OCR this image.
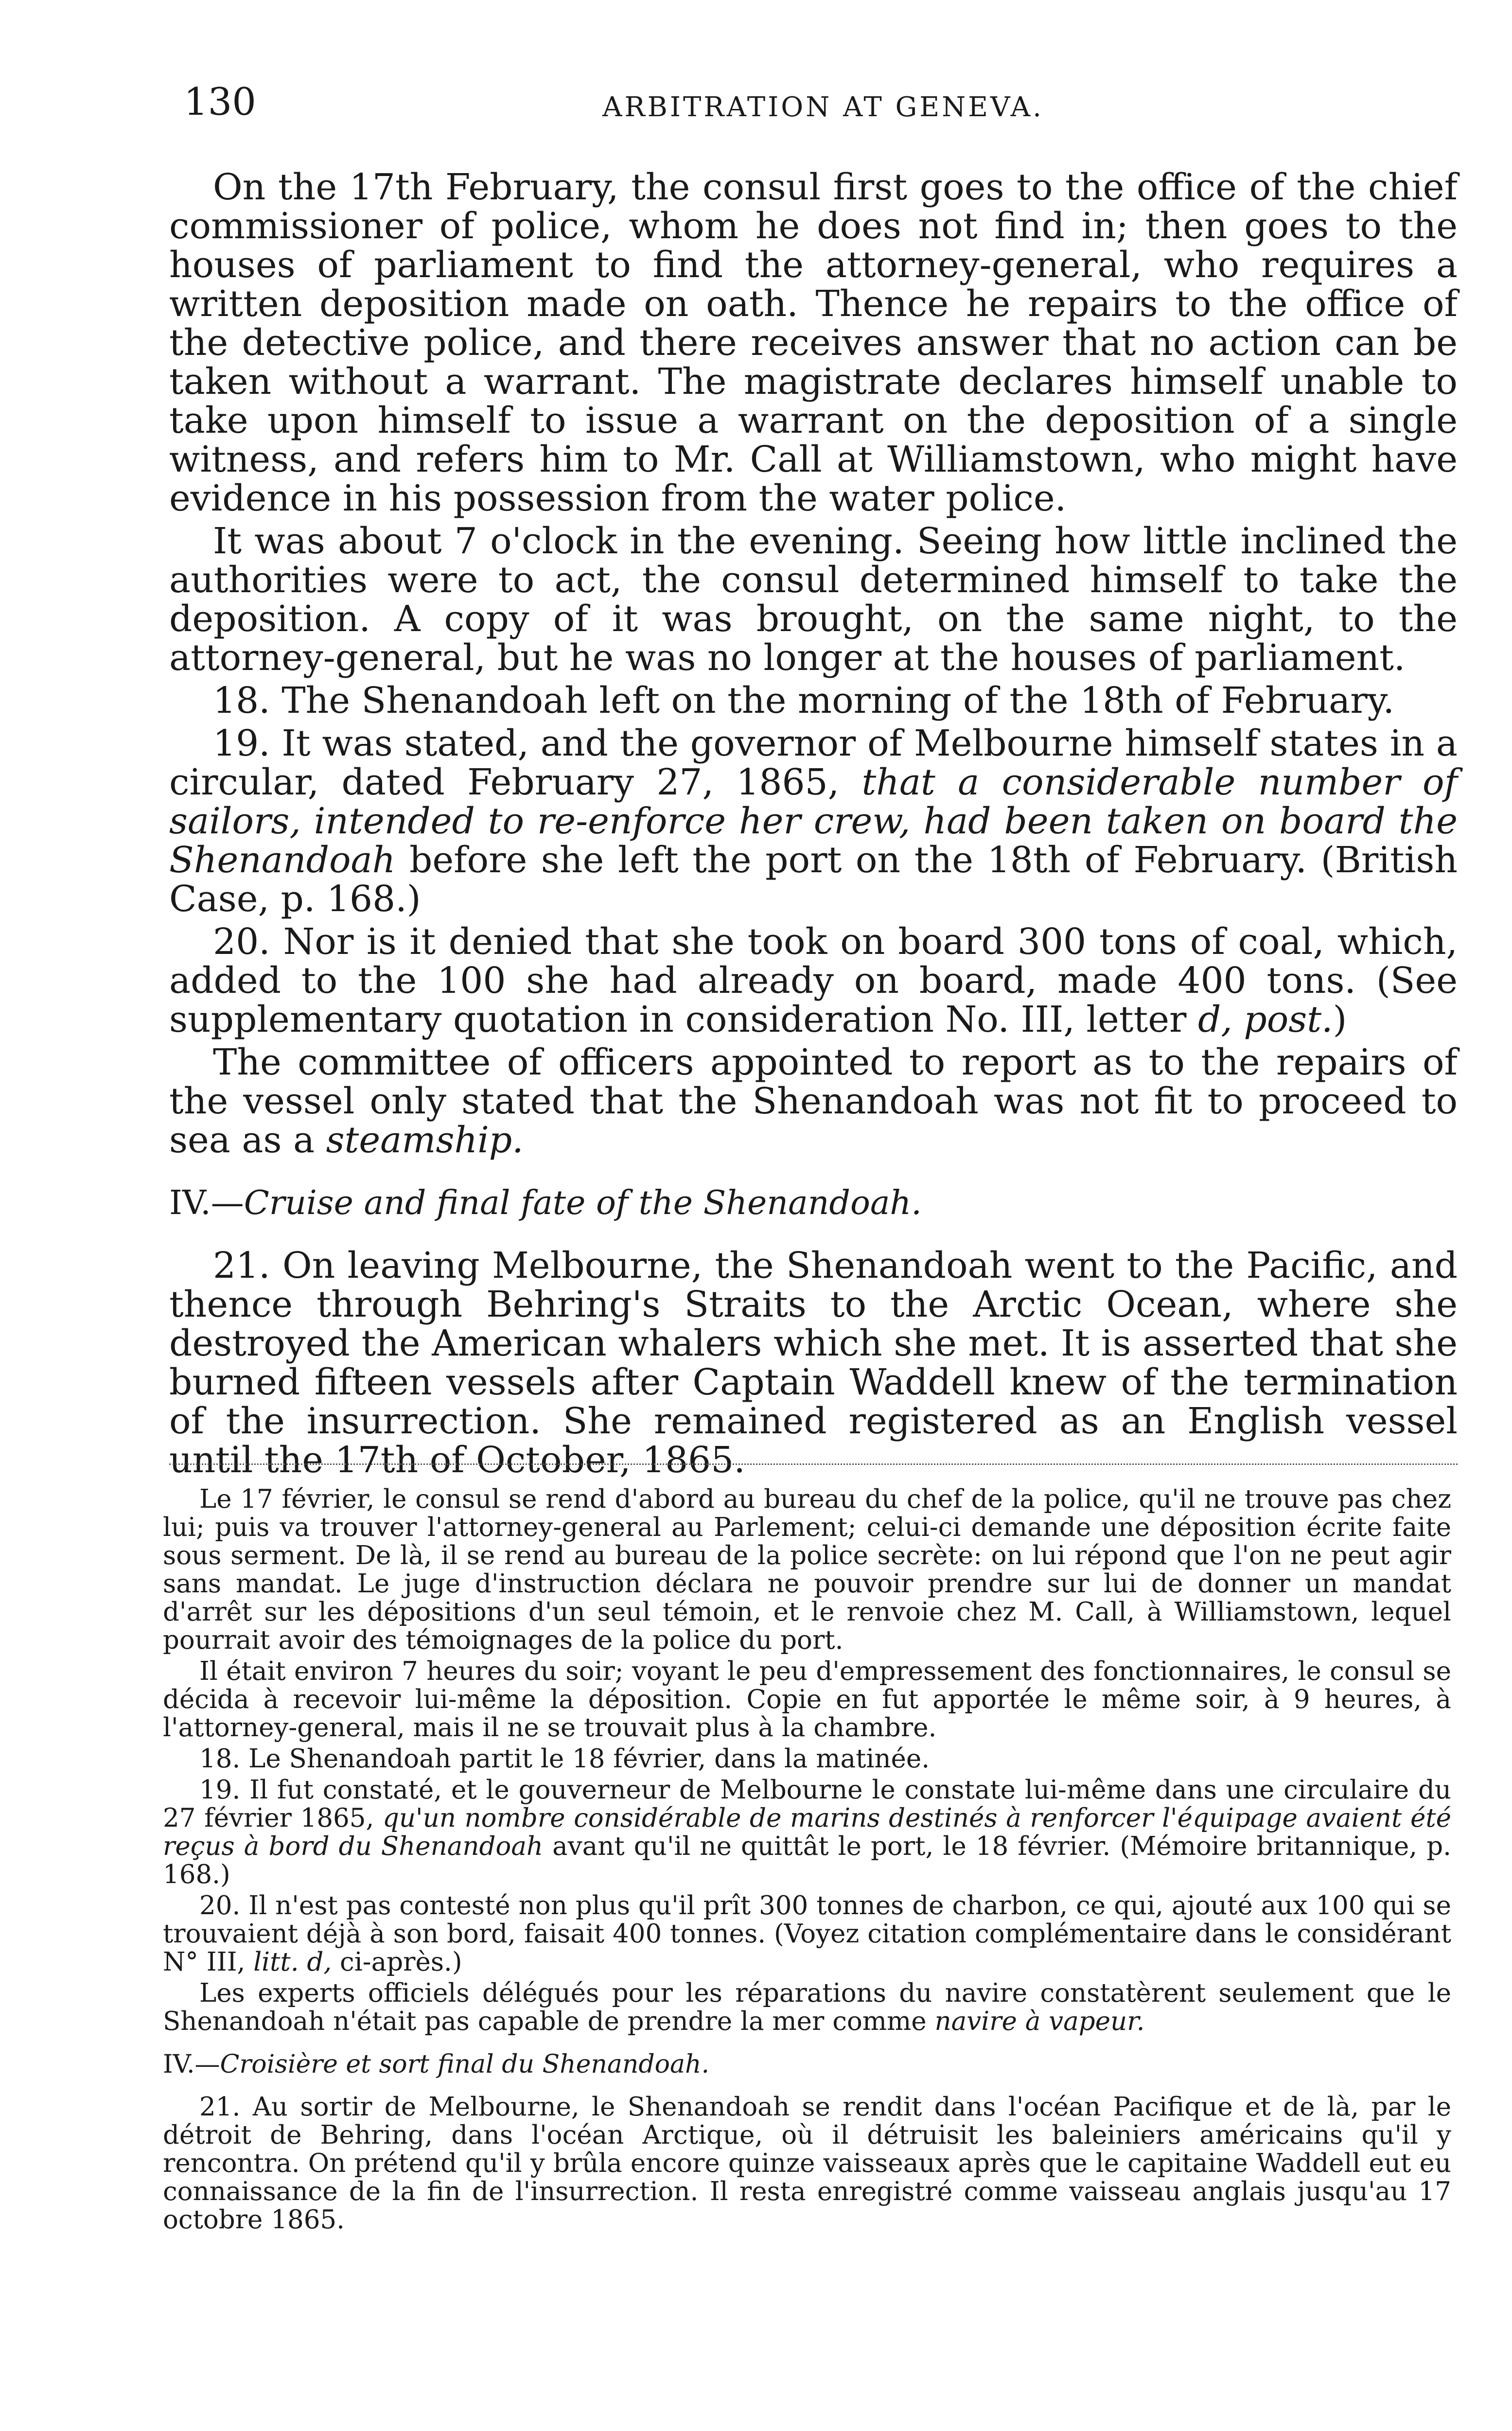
130	ARBITRATION AT GENEVA.

On the 17th February, the consul first goes to the office of the chief commissioner of police, whom he does not find in; then goes to the houses of parliament to find the attorney-general, who requires a written deposition made on oath. Thence he repairs to the office of the detective police, and there receives answer that no action can be taken without a warrant. The magistrate declares himself unable to take upon himself to issue a warrant on the deposition of a single witness, and refers him to Mr. Call at Williamstown, who might have evidence in his possession from the water police.

It was about 7 o'clock in the evening. Seeing how little inclined the authorities were to act, the consul determined himself to take the deposition. A copy of it was brought, on the same night, to the attorney-general, but he was no longer at the houses of parliament.

18. The Shenandoah left on the morning of the 18th of February.

19. It was stated, and the governor of Melbourne himself states in a circular, dated February 27, 1865, that a considerable number of sailors, intended to re-enforce her crew, had been taken on board the Shenandoah before she left the port on the 18th of February. (British Case, p. 168.)

20. Nor is it denied that she took on board 300 tons of coal, which, added to the 100 she had already on board, made 400 tons. (See supplementary quotation in consideration No. III, letter d, post.)

The committee of officers appointed to report as to the repairs of the vessel only stated that the Shenandoah was not fit to proceed to sea as a steamship.

IV.—Cruise and final fate of the Shenandoah.

21. On leaving Melbourne, the Shenandoah went to the Pacific, and thence through Behring's Straits to the Arctic Ocean, where she destroyed the American whalers which she met. It is asserted that she burned fifteen vessels after Captain Waddell knew of the termination of the insurrection. She remained registered as an English vessel until the 17th of October, 1865.

Le 17 février, le consul se rend d'abord au bureau du chef de la police, qu'il ne trouve pas chez lui; puis va trouver l'attorney-general au Parlement; celui-ci demande une déposition écrite faite sous serment. De là, il se rend au bureau de la police secrète: on lui répond que l'on ne peut agir sans mandat. Le juge d'instruction déclara ne pouvoir prendre sur lui de donner un mandat d'arrêt sur les dépositions d'un seul témoin, et le renvoie chez M. Call, à Williamstown, lequel pourrait avoir des témoignages de la police du port.

Il était environ 7 heures du soir; voyant le peu d'empressement des fonctionnaires, le consul se décida à recevoir lui-même la déposition. Copie en fut apportée le même soir, à 9 heures, à l'attorney-general, mais il ne se trouvait plus à la chambre.

18. Le Shenandoah partit le 18 février, dans la matinée.

19. Il fut constaté, et le gouverneur de Melbourne le constate lui-même dans une circulaire du 27 février 1865, qu'un nombre considérable de marins destinés à renforcer l'équipage avaient été reçus à bord du Shenandoah avant qu'il ne quittât le port, le 18 février. (Mémoire britannique, p. 168.)

20. Il n'est pas contesté non plus qu'il prît 300 tonnes de charbon, ce qui, ajouté aux 100 qui se trouvaient déjà à son bord, faisait 400 tonnes. (Voyez citation complémentaire dans le considérant N° III, litt. d, ci-après.)

Les experts officiels délégués pour les réparations du navire constatèrent seulement que le Shenandoah n'était pas capable de prendre la mer comme navire à vapeur.

IV.—Croisière et sort final du Shenandoah.

21. Au sortir de Melbourne, le Shenandoah se rendit dans l'océan Pacifique et de là, par le détroit de Behring, dans l'océan Arctique, où il détruisit les baleiniers américains qu'il y rencontra. On prétend qu'il y brûla encore quinze vaisseaux après que le capitaine Waddell eut eu connaissance de la fin de l'insurrection. Il resta enregistré comme vaisseau anglais jusqu'au 17 octobre 1865.
